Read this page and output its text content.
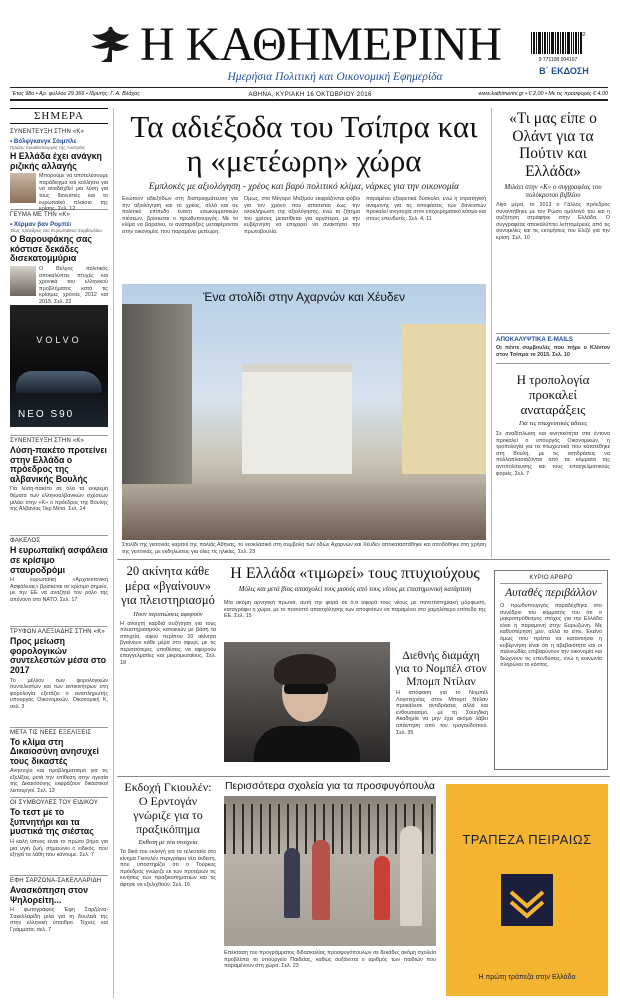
Η ΚΑΘΗΜΕΡΙΝΗ
Ημερήσια Πολιτική και Οικονομική Εφημερίδα
9 771108 004107
42
Β΄ ΕΚΔΟΣΗ
Έτος 98ο • Αρ. φύλλου 29.366 • Ιδρυτής: Γ. Α. Βλάχος	ΑΘΗΝΑ, ΚΥΡΙΑΚΗ 16 ΟΚΤΩΒΡΙΟΥ 2016	www.kathimerini.gr • € 2,00 • Με τις προσφορές € 4,00
ΣΗΜΕΡΑ
ΣΥΝΕΝΤΕΥΞΗ ΣΤΗΝ «Κ»
• Βόλφγκανγκ Σόιμπλε
Πρώην πρωθυπουργός της Αυστρίας
Η Ελλάδα έχει ανάγκη ριζικής αλλαγής
Μπορούμε να αποτελέσουμε παράδειγμα και κολλήσει για να αναδειχθεί μια λύση για τους δανειστές και το ευρωπαϊκό πλαίσιο της κρίσης. Σελ. 12
ΓΕΥΜΑ ΜΕ ΤΗΝ «Κ»
• Χέρμαν βαν Ρομπέι
Τέως πρόεδρος του Ευρωπαϊκού Συμβουλίου
Ο Βαρουφάκης σας κόστισε δεκάδες δισεκατομμύρια
Ο Βέλγος πολιτικός αποκαλύπτει πτυχές και χρονικά του ελληνικού προβλήματος κατά τις κρίσιμες χρονιές 2012 και 2015. Σελ. 22
VOLVO
NEO S90
ΣΥΝΕΝΤΕΥΞΗ ΣΤΗΝ «Κ»
Λύση-πακέτο προτείνει στην Ελλάδα ο πρόεδρος της αλβανικής Βουλής
Για λύση-πακέτο σε όλα τα εκκρεμή θέματα των ελληνοαλβανικών σχέσεων μιλάει στην «Κ» ο πρόεδρος της Βουλής της Αλβανίας Ίλιρ Μέτα. Σελ. 14
ΦΑΚΕΛΟΣ
Η ευρωπαϊκή ασφάλεια σε κρίσιμο σταυροδρόμι
Η ευρωπαϊκή «Αρχιτεκτονική Ασφάλειας» βρίσκεται σε κρίσιμο σημείο, με την ΕΕ να αναζητεί τον ρόλο της απέναντι στο ΝΑΤΟ. Σελ. 17
ΤΡΥΦΩΝ ΑΛΕΞΙΑΔΗΣ ΣΤΗΝ «Κ»
Προς μείωση φορολογικών συντελεστών μέσα στο 2017
Το μέλλον των φορολογικών συντελεστών και των αντικινήτρων στη φορολογία εξετάζει ο αναπληρωτής υπουργός Οικονομικών. Οικονομική Κ, σελ. 3
ΜΕΤΑ ΤΙΣ ΝΕΕΣ ΕΞΕΛΙΞΕΙΣ
Το κλίμα στη Δικαιοσύνη ανησυχεί τους δικαστές
Ανησυχία και προβληματισμό για τις εξελίξεις μετά την επίθεση στην ηγεσία της Δικαιοσύνης εκφράζουν δικαστικοί λειτουργοί. Σελ. 13
ΟΙ ΣΥΜΒΟΥΛΕΣ ΤΟΥ ΕΙΔΙΚΟΥ
Το τεστ με το ξυπνητήρι και τα μυστικά της σιέστας
Η καλή ύπνος είναι το πρώτο βήμα για μια υγιή ζωή, σημειώνει ο ειδικός, που εξηγεί τα λάθη που κάνουμε. Σελ. 7
ΕΦΗ ΣΑΡΖΩΝΑ-ΣΑΚΕΛΛΑΡΙΔΗ
Ανασκόπηση στον Ψηλορείτη...
Η φωτογράφος Έφη Σαρζώνα-Σακελλαρίδη μιλά για τη δουλειά της στην ελληνική ύπαιθρο. Τέχνες και Γράμματα, σελ. 7
Τα αδιέξοδα του Τσίπρα και η «μετέωρη» χώρα
Εμπλοκές με αξιολόγηση - χρέος και βαρύ πολιτικό κλίμα, νάρκες για την οικονομία
Ενώπιον αδιεξόδων στη διαπραγμάτευση για την αξιολόγηση και το χρέος, αλλά και σε πολιτικό επίπεδο έναντι εσωκομματικών πιέσεων, βρίσκεται ο πρωθυπουργός. Με το κλίμα να βαραίνει, οι αναταράξεις μεταφέρονται στην οικονομία, που παραμένει μετέωρη.
Όμως, στο Μέγαρο Μαξίμου εκφράζονται φόβοι για τον χρόνο που απαιτείται έως την ολοκλήρωση της αξιολόγησης, ενώ το ζήτημα του χρέους μετατίθεται για αργότερα, με την κυβέρνηση να επιχειρεί να ανακτήσει την πρωτοβουλία.
παραμένει εξαιρετικά δύσκολο, ενώ η στρατηγική αναμονής για τις αποφάσεις των δανειστών προκαλεί ανησυχία στον επιχειρηματικό κόσμο και στους επενδυτές. Σελ. 4, 11
Ένα στολίδι στην Αχαρνών και Χέυδεν
Στολίδι της γειτονιάς καρποί της παλιάς Αθήνας, το νεοκλασικό στη συμβολή των οδών Αχαρνών και Χέυδεν αποκαταστάθηκε και αποδόθηκε στη χρήση της γειτονιάς, με εκδηλώσεις για όλες τις ηλικίες. Σελ. 23
«Τι μας είπε ο Ολάντ για τα Πούτιν και Ελλάδα»
Μιλάει στην «Κ» ο συγγραφέας του πολύκροτου βιβλίου
Λίγο μέρα, το 2013 ο Γάλλος πρόεδρος συναντήθηκε με τον Ρώσο ομόλογό του και η συζήτηση στράφηκε στην Ελλάδα. Ο συγγραφέας αποκαλύπτει λεπτομέρειες από τις συνομιλίες και τις εκτιμήσεις του Ελιζέ για την κρίση. Σελ. 10
ΑΠΟΚΑΛΥΨΤΙΚΑ E-MAILS
Οι πέντε συμβουλές που πήρε ο Κλίντον στον Τσίπρα το 2015. Σελ. 10
Η τροπολογία προκαλεί αναταράξεις
Για τις πτωχευτικές αδειες
Σε αναδίπλωση και κινητικότητα στα έντονα προκαλεί ο υπουργός Οικονομικών, η τροπολογία για τα πτωχευτικά που κατατέθηκε στη Βουλή, με τις αντιδράσεις να πολλαπλασιάζονται από τα κόμματα της αντιπολίτευσης και τους επαγγελματικούς φορείς. Σελ. 7
20 ακίνητα κάθε μέρα «βγαίνουν» για πλειστηριασμό
Πουν περιπτώσεις αφορούν
Η ανοιχτή καρδιά συζήτηση για τους πλειστηριασμούς κατοικιών με βάση τα στοιχεία, αφού περίπου 20 ακίνητα βγαίνουν κάθε μέρα στο σφυρί, με τις περισσότερες υποθέσεις να αφορούν επαγγελματίες και μικρομεσαίους. Σελ. 18
Η Ελλάδα «τιμωρεί» τους πτυχιούχους
Μόλις και μετά βίας απασχολεί τους μισούς από τους νέους με επιστημονική κατάρτιση
Μία ακόμη αρνητική πρωτιά, αυτή την φορά σε ό,τι αφορά τους νέους με πανεπιστημιακή μόρφωση, καταγράφει η χώρα, με το ποσοστό απασχόλησης των αποφοίτων να παραμένει στο χαμηλότερο επίπεδο της ΕΕ. Σελ. 15
Διεθνής διαμάχη για το Νομπέλ στον Μπομπ Ντίλαν
Η απόφαση για το Νομπέλ Λογοτεχνίας στον Μπομπ Ντίλαν προκάλεσε αντιδράσεις αλλά και ενθουσιασμό, με τη Σουηδική Ακαδημία να μην έχει ακόμα λάβει απάντηση από τον τραγουδοποιό. Σελ. 35
ΚΥΡΙΟ ΑΡΘΡΟ
Αυταθές περιβάλλον
Ο πρωθυπουργός παραδέχθηκε στο συνέδριο του κόμματός του ότι ο μακροπρόθεσμος στόχος για την Ελλάδα είναι η παραμονή στην Ευρωζώνη. Με καθυστέρηση μεν, αλλά το είπε. Εκείνο όμως που πρέπει να κατανοήσει η κυβέρνηση είναι ότι η αβεβαιότητα και οι παλινωδίες επιβαρύνουν την οικονομία και διώχνουν τις επενδύσεις, ενώ η κοινωνία πληρώνει το κόστος.
Εκδοχή Γκιουλέν: Ο Ερντογάν γνώριζε για το πραξικόπημα
Εκθεση με νέα στοιχεία
Τα δικά του εκλογή για τα τελευταία στο κίνημα Γκιουλέν περιγράφει νέα έκθεση, που υποστηρίζει ότι ο Τούρκος πρόεδρος γνώριζε εκ των προτέρων τις κινήσεις των πραξικοπηματιών και τις άφησε να εξελιχθούν. Σελ. 16
Περισσότερα σχολεία για τα προσφυγόπουλα
Επέκταση του προγράμματος διδασκαλίας προσφυγόπουλων σε δεκάδες ακόμη σχολεία προβλέπει το υπουργείο Παιδείας, καθώς αυξάνεται ο αριθμός των παιδιών που παραμένουν στη χώρα. Σελ. 23
ΤΡΑΠΕΖΑ ΠΕΙΡΑΙΩΣ
Η πρώτη τράπεζα στην Ελλάδα
